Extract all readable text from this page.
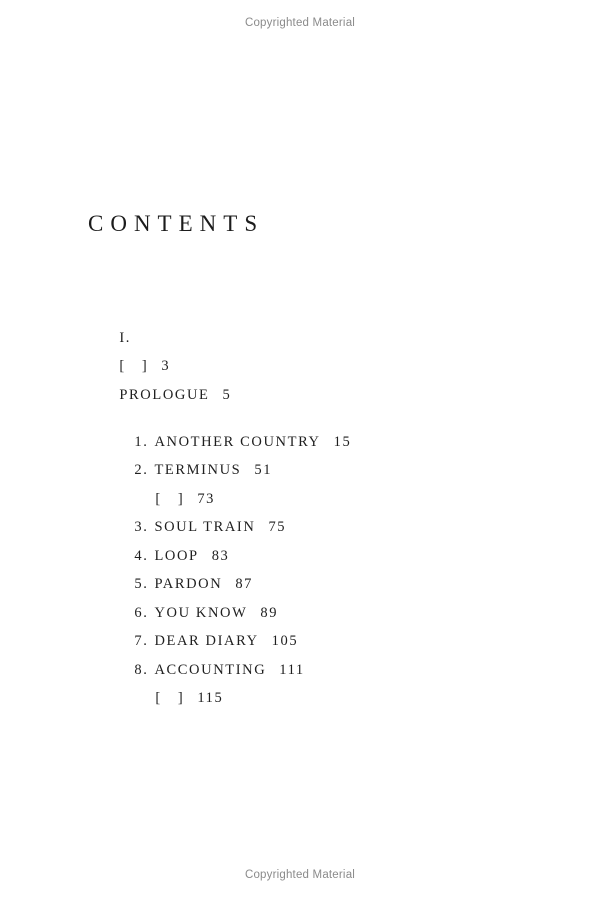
Copyrighted Material
CONTENTS

I.

[ ] 3

PROLOGUE 5

1. ANOTHER COUNTRY 15

2. TERMINUS 51

[ ] 73

3. SOUL TRAIN 75

4. LOOP 83

5. PARDON 87

6. YOU KNOW 89

7. DEAR DIARY 105

8. ACCOUNTING 111

[ ] 115

Copyrighted Material
